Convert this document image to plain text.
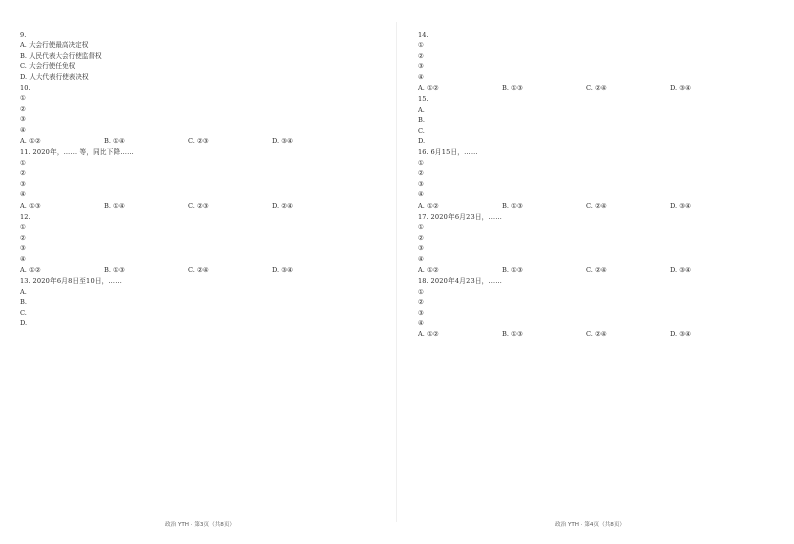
9.
A. 大会行使最高决定权
B. 人民代表大会行使监督权
C. 大会行使任免权
D. 人大代表行使表决权
10.
①
②
③
④
A. ①②	B. ①④	C. ②③	D. ③④
11. 2020年，…… 等，同比下降……
①
②
③
④
A. ①③	B. ①④	C. ②③	D. ②④
12.
①
②
③
④
A. ①②	B. ①③	C. ②④	D. ③④
13. 2020年6月8日至10日，……
A.
B.
C.
D.
14.
①
②
③
④
A. ①②	B. ①③	C. ②④	D. ③④
15.
A.
B.
C.
D.
16. 6月15日，……
①
②
③
④
A. ①②	B. ①③	C. ②④	D. ③④
17. 2020年6月23日，……
①
②
③
④
A. ①②	B. ①③	C. ②④	D. ③④
18. 2020年4月23日，……
①
②
③
④
A. ①②	B. ①③	C. ②④	D. ③④
政治 YTH · 第3页（共8页）	政治 YTH · 第4页（共8页）
